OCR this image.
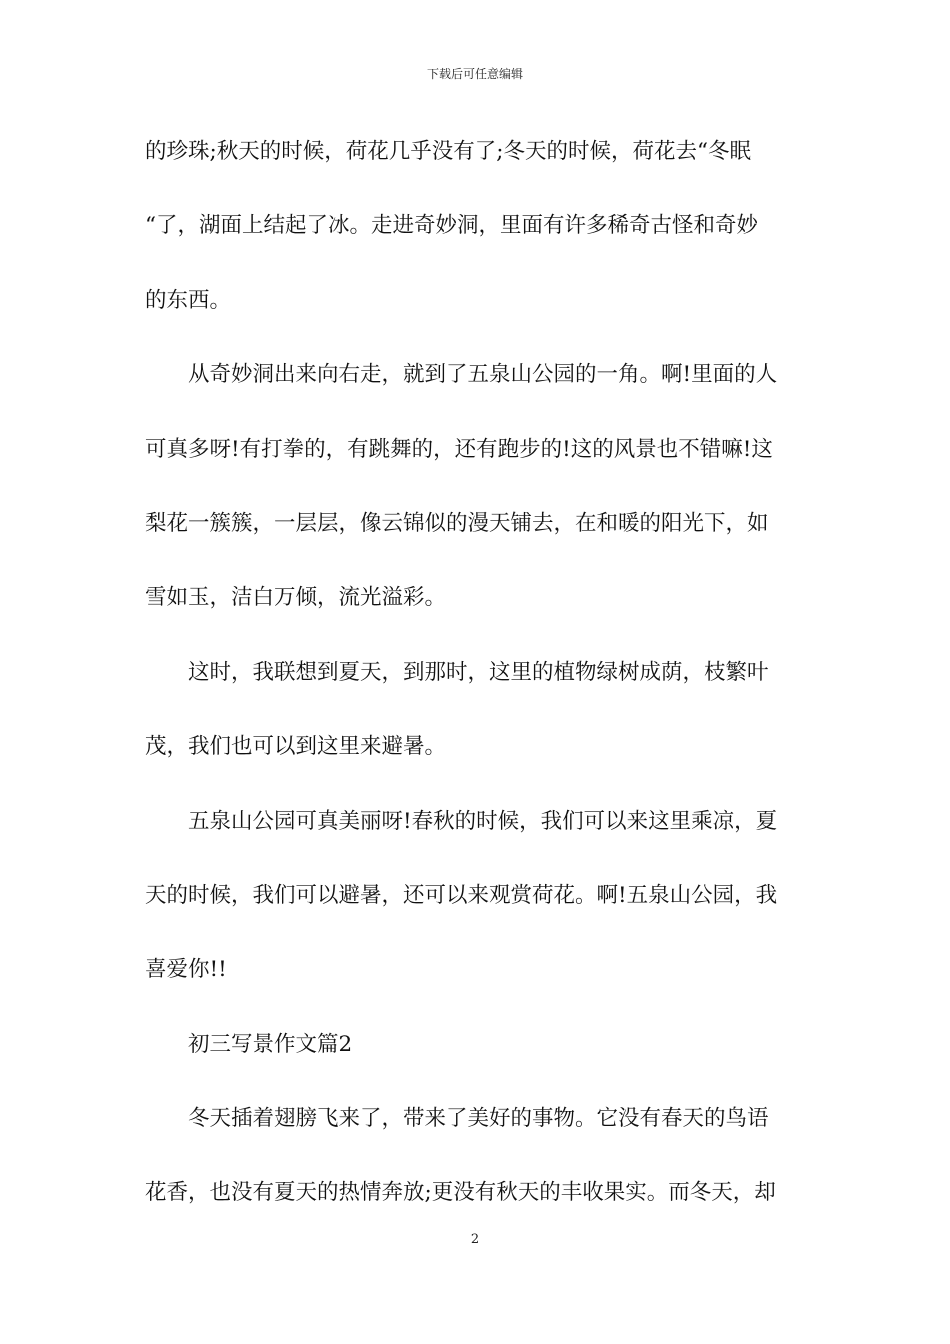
下载后可任意编辑
的珍珠;秋天的时候，荷花几乎没有了;冬天的时候，荷花去“冬眠
“了，湖面上结起了冰。走进奇妙洞，里面有许多稀奇古怪和奇妙
的东西。
从奇妙洞出来向右走，就到了五泉山公园的一角。啊!里面的人
可真多呀!有打拳的，有跳舞的，还有跑步的!这的风景也不错嘛!这
梨花一簇簇，一层层，像云锦似的漫天铺去，在和暖的阳光下，如
雪如玉，洁白万倾，流光溢彩。
这时，我联想到夏天，到那时，这里的植物绿树成荫，枝繁叶
茂，我们也可以到这里来避暑。
五泉山公园可真美丽呀!春秋的时候，我们可以来这里乘凉，夏
天的时候，我们可以避暑，还可以来观赏荷花。啊!五泉山公园，我
喜爱你!!
初三写景作文篇2
冬天插着翅膀飞来了，带来了美好的事物。它没有春天的鸟语
花香，也没有夏天的热情奔放;更没有秋天的丰收果实。而冬天，却
2
